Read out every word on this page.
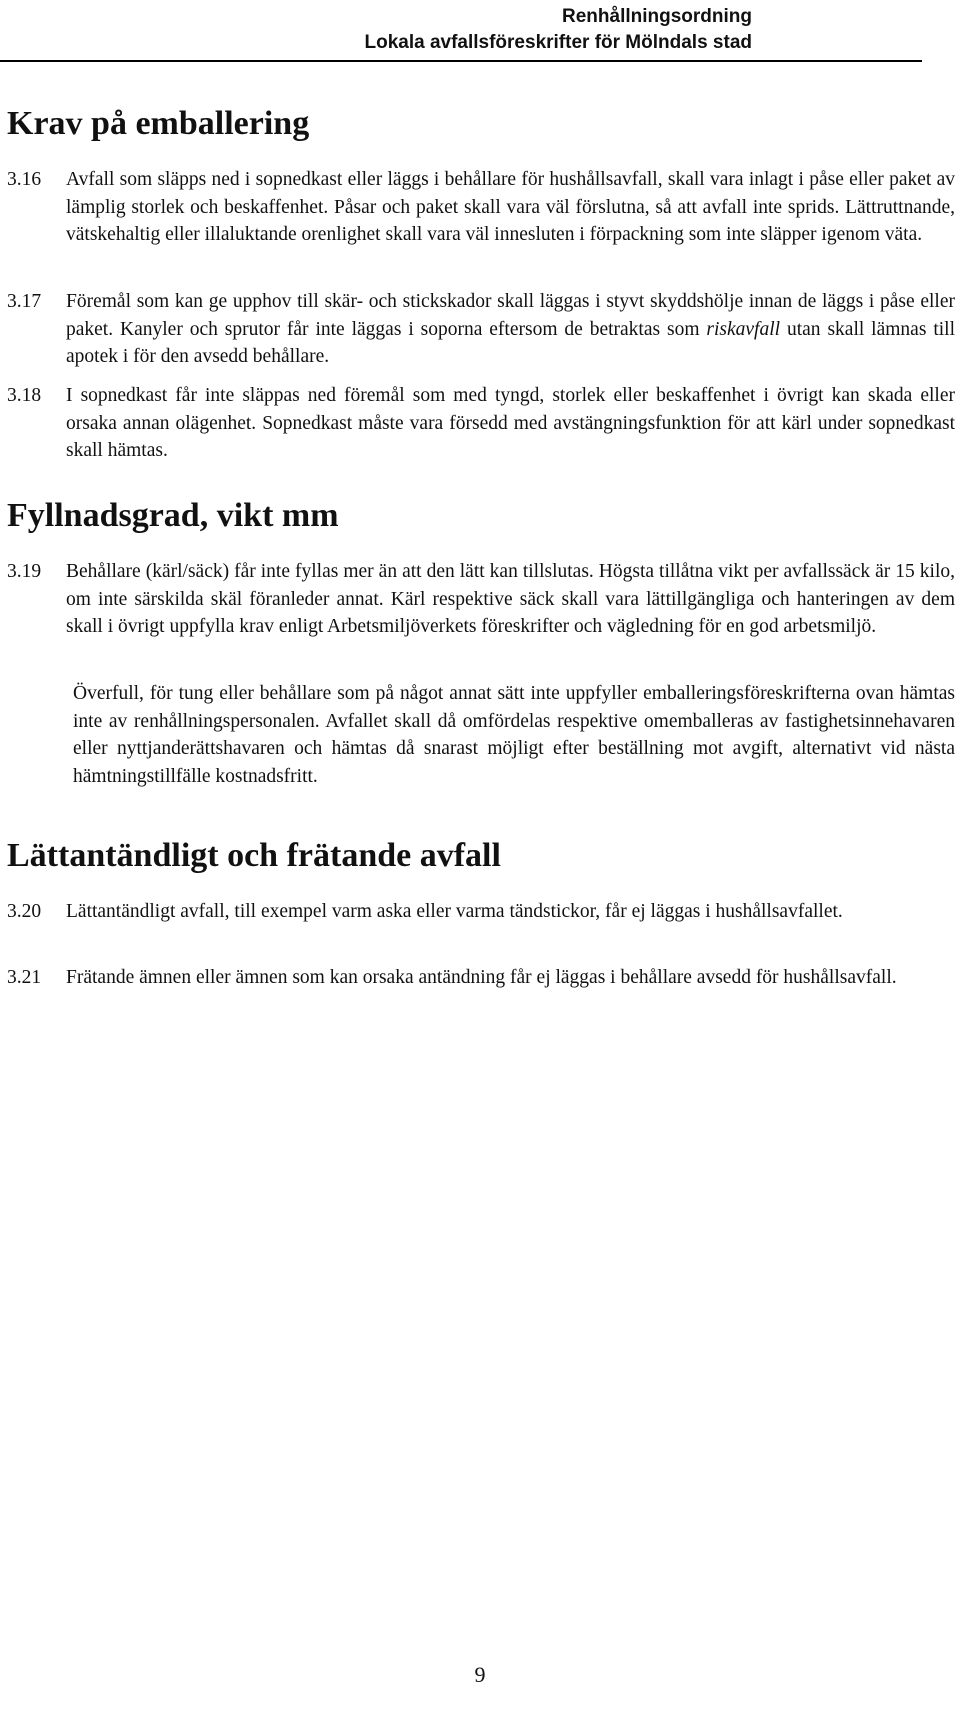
Renhållningsordning
Lokala avfallsföreskrifter för Mölndals stad
Krav på emballering
3.16 Avfall som släpps ned i sopnedkast eller läggs i behållare för hushållsavfall, skall vara inlagt i påse eller paket av lämplig storlek och beskaffenhet. Påsar och paket skall vara väl förslutna, så att avfall inte sprids. Lättruttnande, vätskehaltig eller illaluktande orenlighet skall vara väl innesluten i förpackning som inte släpper igenom väta.
3.17 Föremål som kan ge upphov till skär- och stickskador skall läggas i styvt skyddshölje innan de läggs i påse eller paket. Kanyler och sprutor får inte läggas i soporna eftersom de betraktas som riskavfall utan skall lämnas till apotek i för den avsedd behållare.
3.18 I sopnedkast får inte släppas ned föremål som med tyngd, storlek eller beskaffenhet i övrigt kan skada eller orsaka annan olägenhet. Sopnedkast måste vara försedd med avstängningsfunktion för att kärl under sopnedkast skall hämtas.
Fyllnadsgrad, vikt mm
3.19 Behållare (kärl/säck) får inte fyllas mer än att den lätt kan tillslutas. Högsta tillåtna vikt per avfallssäck är 15 kilo, om inte särskilda skäl föranleder annat. Kärl respektive säck skall vara lättillgängliga och hanteringen av dem skall i övrigt uppfylla krav enligt Arbetsmiljöverkets föreskrifter och vägledning för en god arbetsmiljö.
Överfull, för tung eller behållare som på något annat sätt inte uppfyller emballeringsföreskrifterna ovan hämtas inte av renhållningspersonalen. Avfallet skall då omfördelas respektive omemballeras av fastighetsinnehavaren eller nyttjanderättshavaren och hämtas då snarast möjligt efter beställning mot avgift, alternativt vid nästa hämtningstillfälle kostnadsfritt.
Lättantändligt och frätande avfall
3.20 Lättantändligt avfall, till exempel varm aska eller varma tändstickor, får ej läggas i hushållsavfallet.
3.21 Frätande ämnen eller ämnen som kan orsaka antändning får ej läggas i behållare avsedd för hushållsavfall.
9
